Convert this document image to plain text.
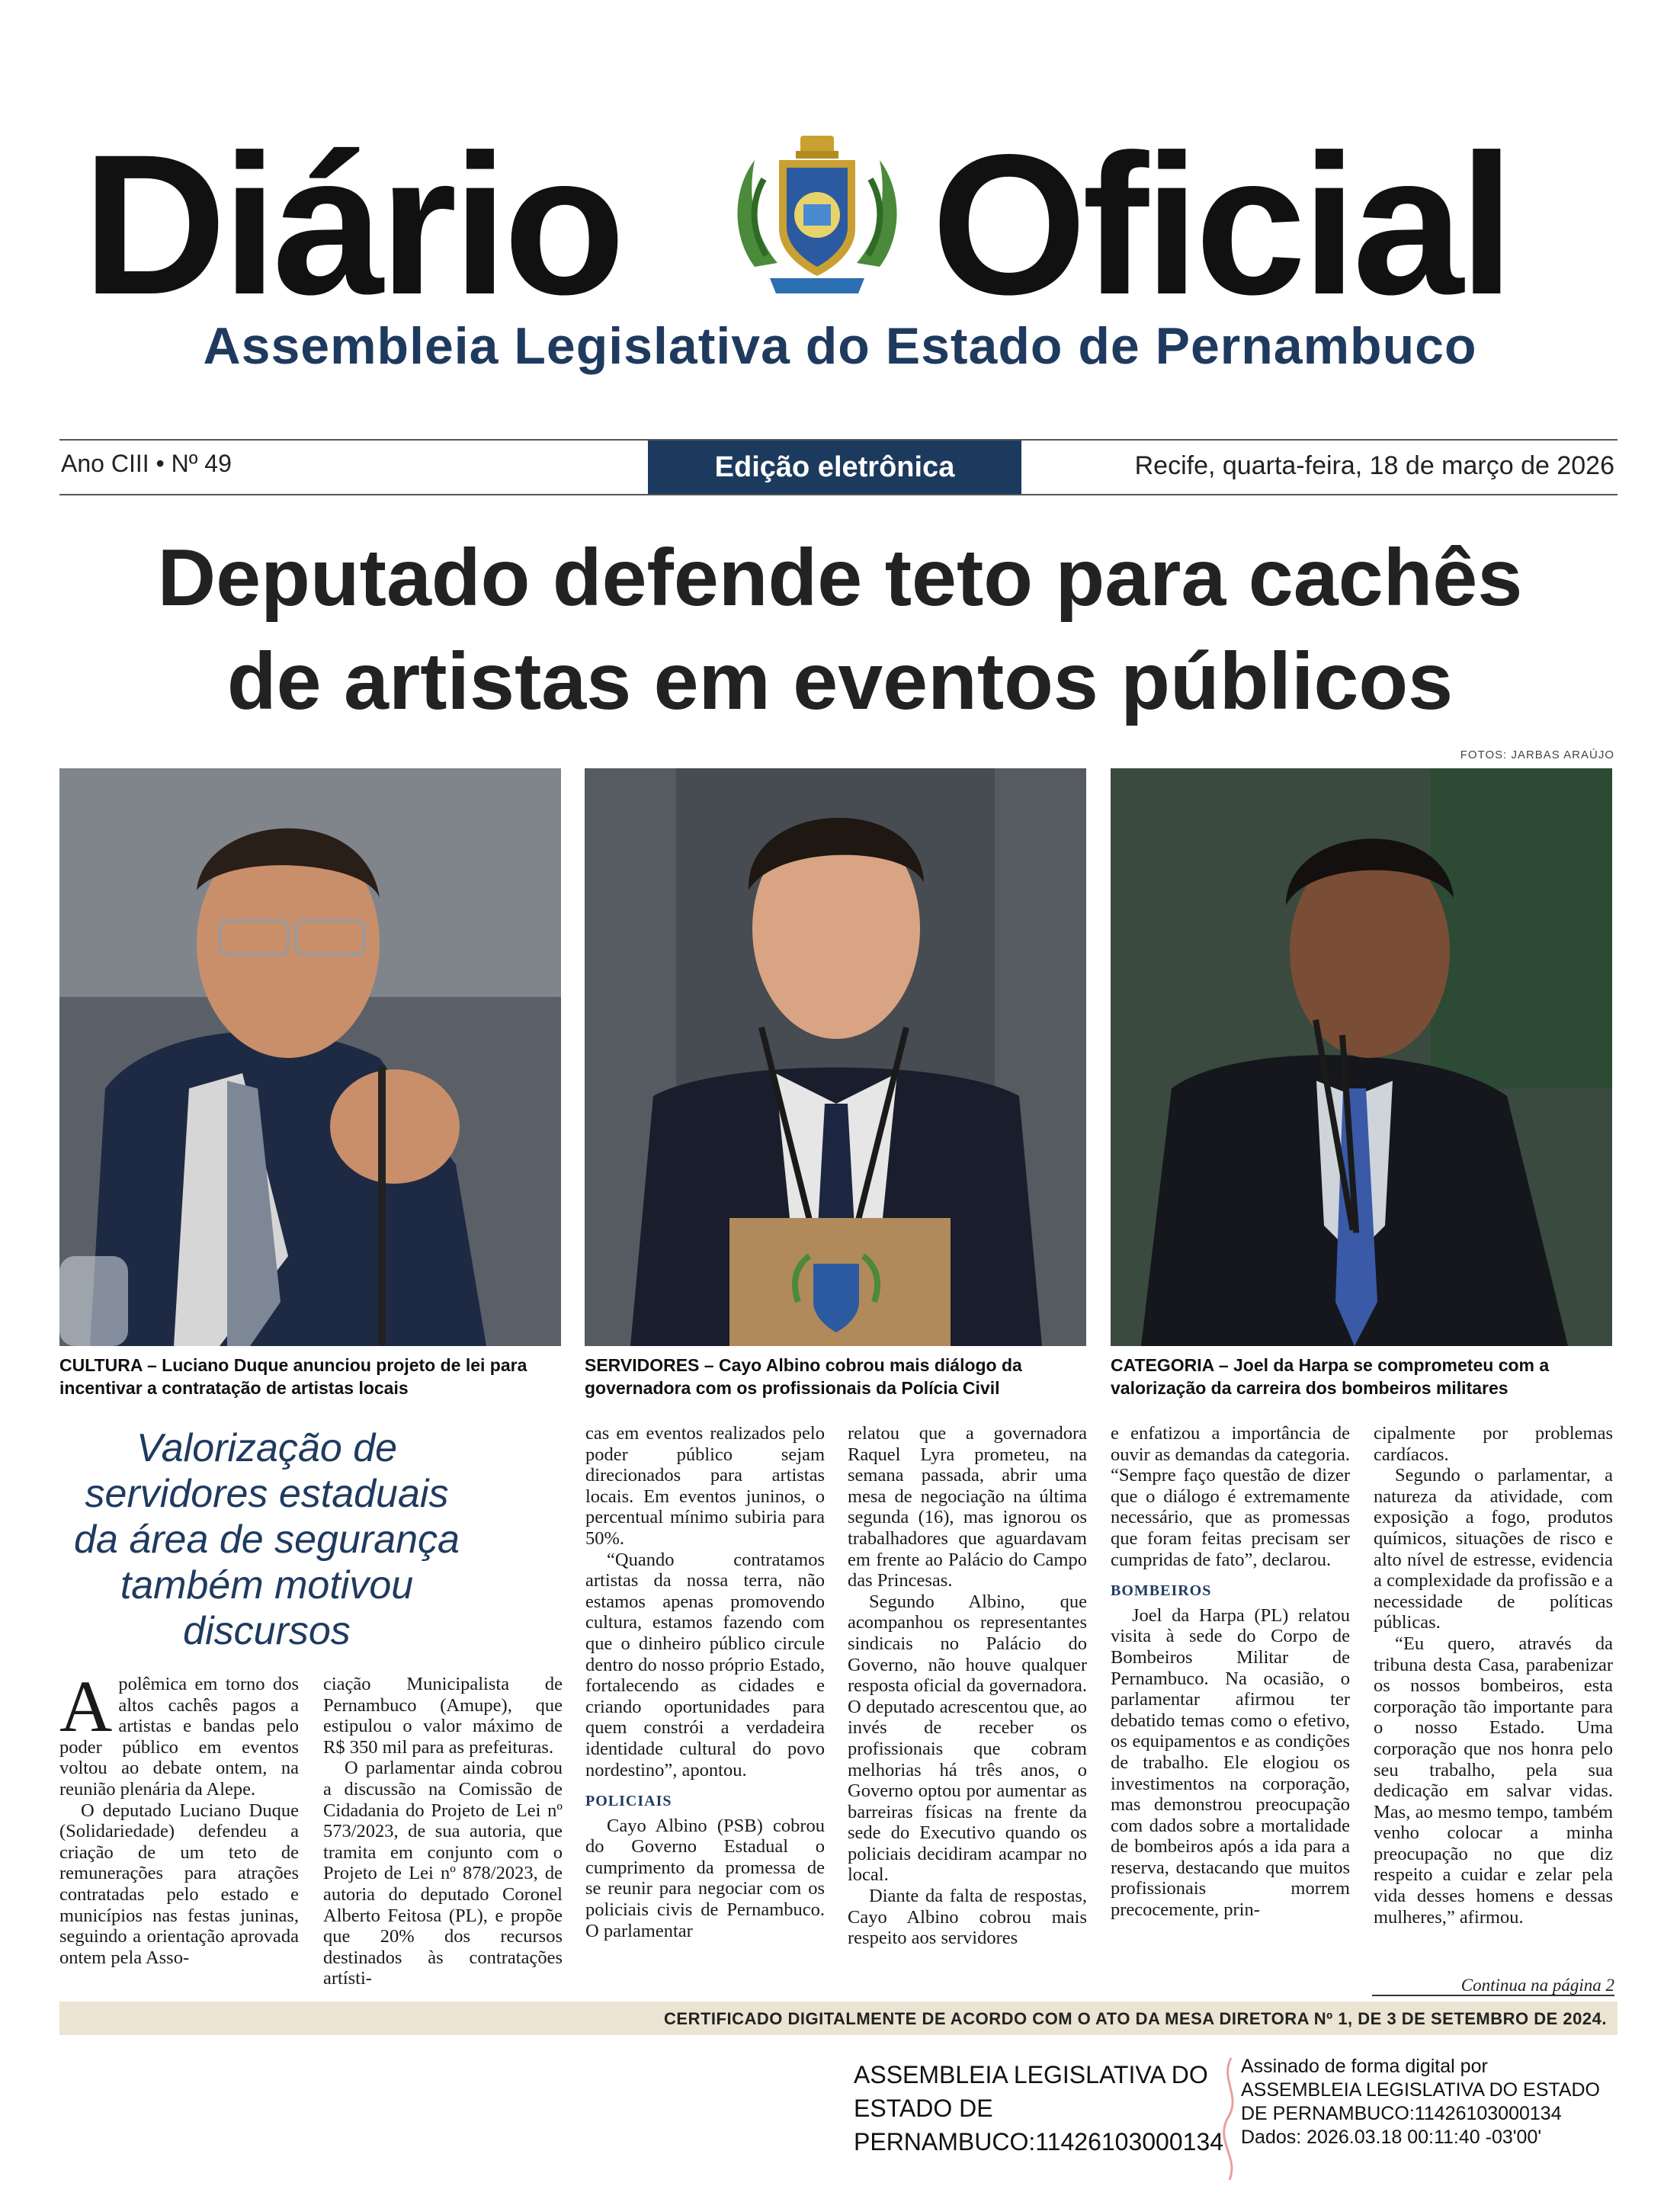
Diário Oficial
Assembleia Legislativa do Estado de Pernambuco
Ano CIII • Nº 49	Edição eletrônica	Recife, quarta-feira, 18 de março de 2026
Deputado defende teto para cachês
de artistas em eventos públicos
FOTOS: JARBAS ARAÚJO
CULTURA – Luciano Duque anunciou projeto de lei para incentivar a contratação de artistas locais
SERVIDORES – Cayo Albino cobrou mais diálogo da governadora com os profissionais da Polícia Civil
CATEGORIA – Joel da Harpa se comprometeu com a valorização da carreira dos bombeiros militares
Valorização de servidores estaduais da área de segurança também motivou discursos

Apolêmica em torno dos altos cachês pagos a artistas e bandas pelo poder público em eventos voltou ao debate ontem, na reunião plenária da Alepe.

O deputado Luciano Duque (Solidariedade) defendeu a criação de um teto de remunerações para atrações contratadas pelo estado e municípios nas festas juninas, seguindo a orientação aprovada ontem pela Asso-

ciação Municipalista de Pernambuco (Amupe), que estipulou o valor máximo de R$ 350 mil para as prefeituras.

O parlamentar ainda cobrou a discussão na Comissão de Cidadania do Projeto de Lei nº 573/2023, de sua autoria, que tramita em conjunto com o Projeto de Lei nº 878/2023, de autoria do deputado Coronel Alberto Feitosa (PL), e propõe que 20% dos recursos destinados às contratações artísti-

cas em eventos realizados pelo poder público sejam direcionados para artistas locais. Em eventos juninos, o percentual mínimo subiria para 50%.

“Quando contratamos artistas da nossa terra, não estamos apenas promovendo cultura, estamos fazendo com que o dinheiro público circule dentro do nosso próprio Estado, fortalecendo as cidades e criando oportunidades para quem constrói a verdadeira identidade cultural do povo nordestino”, apontou.

POLICIAIS

Cayo Albino (PSB) cobrou do Governo Estadual o cumprimento da promessa de se reunir para negociar com os policiais civis de Pernambuco. O parlamentar

relatou que a governadora Raquel Lyra prometeu, na semana passada, abrir uma mesa de negociação na última segunda (16), mas ignorou os trabalhadores que aguardavam em frente ao Palácio do Campo das Princesas.

Segundo Albino, que acompanhou os representantes sindicais no Palácio do Governo, não houve qualquer resposta oficial da governadora. O deputado acrescentou que, ao invés de receber os profissionais que cobram melhorias há três anos, o Governo optou por aumentar as barreiras físicas na frente da sede do Executivo quando os policiais decidiram acampar no local.

Diante da falta de respostas, Cayo Albino cobrou mais respeito aos servidores

e enfatizou a importância de ouvir as demandas da categoria. “Sempre faço questão de dizer que o diálogo é extremamente necessário, que as promessas que foram feitas precisam ser cumpridas de fato”, declarou.

BOMBEIROS

Joel da Harpa (PL) relatou visita à sede do Corpo de Bombeiros Militar de Pernambuco. Na ocasião, o parlamentar afirmou ter debatido temas como o efetivo, os equipamentos e as condições de trabalho. Ele elogiou os investimentos na corporação, mas demonstrou preocupação com dados sobre a mortalidade de bombeiros após a ida para a reserva, destacando que muitos profissionais morrem precocemente, prin-

cipalmente por problemas cardíacos.

Segundo o parlamentar, a natureza da atividade, com exposição a fogo, produtos químicos, situações de risco e alto nível de estresse, evidencia a complexidade da profissão e a necessidade de políticas públicas.

“Eu quero, através da tribuna desta Casa, parabenizar os nossos bombeiros, esta corporação tão importante para o nosso Estado. Uma corporação que nos honra pelo seu trabalho, pela sua dedicação em salvar vidas. Mas, ao mesmo tempo, também venho colocar a minha preocupação no que diz respeito a cuidar e zelar pela vida desses homens e dessas mulheres,” afirmou.

Continua na página 2
CERTIFICADO DIGITALMENTE DE ACORDO COM O ATO DA MESA DIRETORA Nº 1, DE 3 DE SETEMBRO DE 2024.
ASSEMBLEIA LEGISLATIVA DO
ESTADO DE
PERNAMBUCO:11426103000134
Assinado de forma digital por
ASSEMBLEIA LEGISLATIVA DO ESTADO
DE PERNAMBUCO:11426103000134
Dados: 2026.03.18 00:11:40 -03'00'
